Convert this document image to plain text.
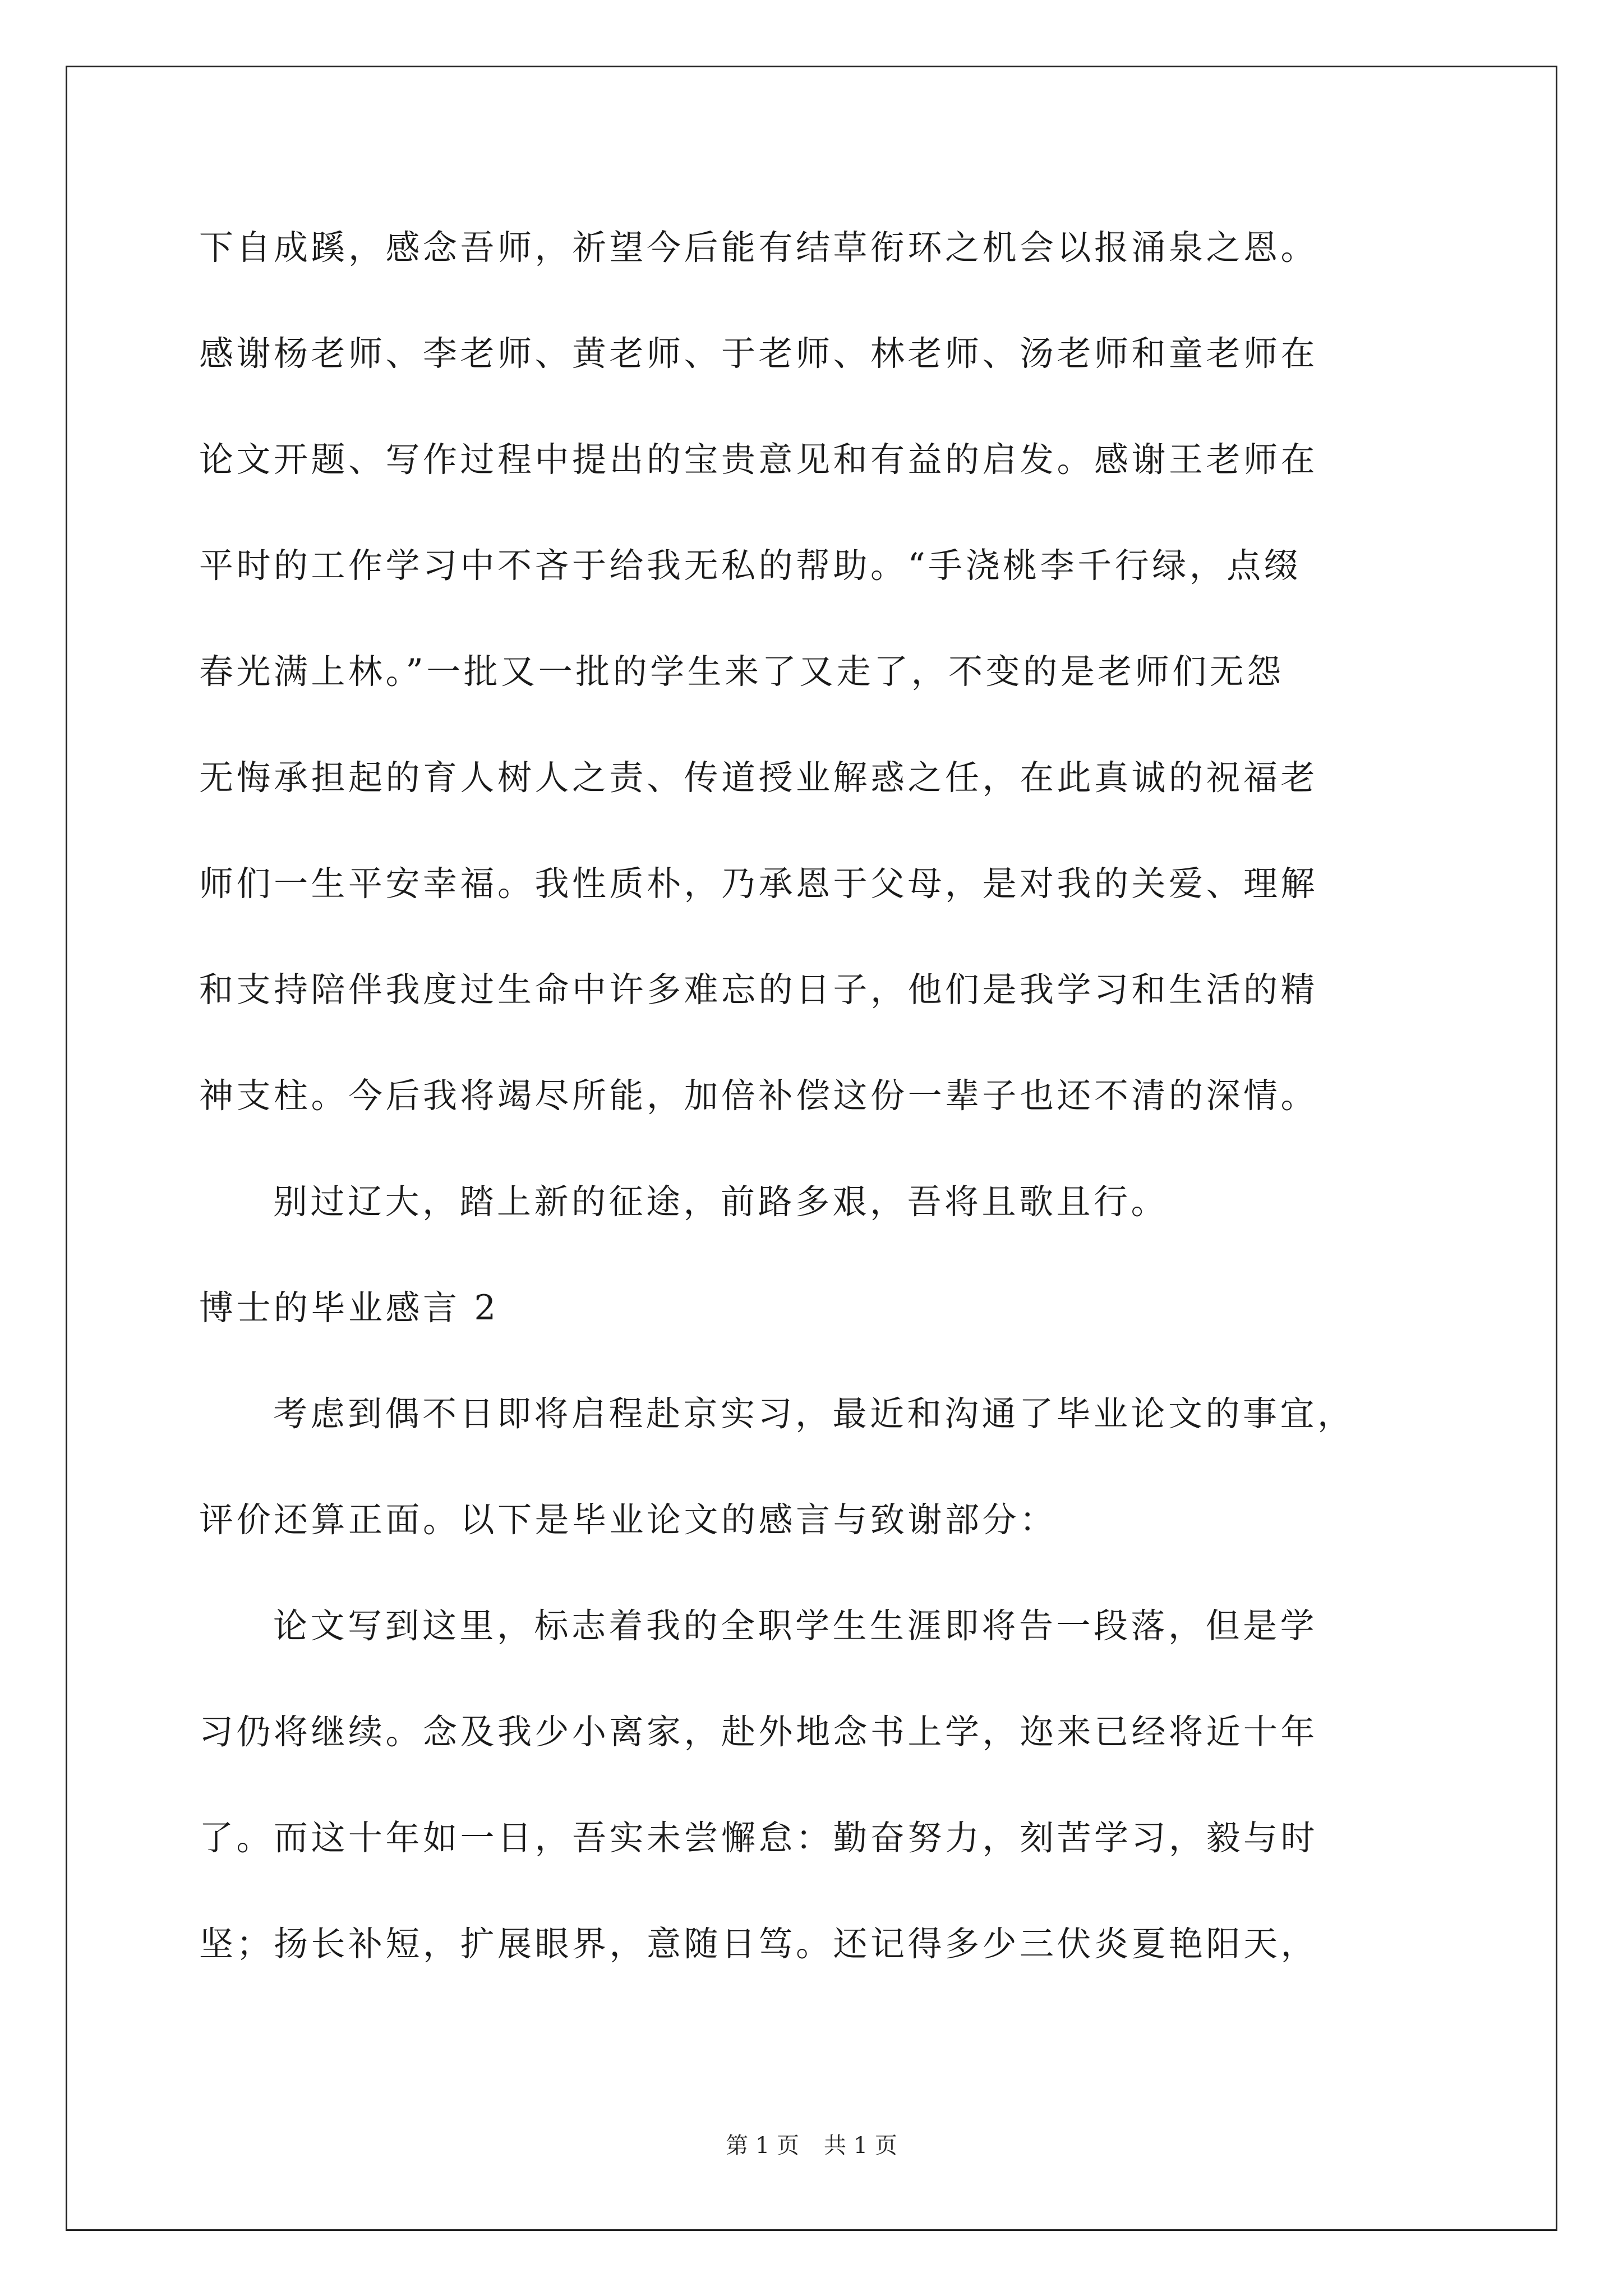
下自成蹊，感念吾师，祈望今后能有结草衔环之机会以报涌泉之恩。

感谢杨老师、李老师、黄老师、于老师、林老师、汤老师和童老师在

论文开题、写作过程中提出的宝贵意见和有益的启发。感谢王老师在

平时的工作学习中不吝于给我无私的帮助。“手浇桃李千行绿，点缀

春光满上林。”一批又一批的学生来了又走了，不变的是老师们无怨

无悔承担起的育人树人之责、传道授业解惑之任，在此真诚的祝福老

师们一生平安幸福。我性质朴，乃承恩于父母，是对我的关爱、理解

和支持陪伴我度过生命中许多难忘的日子，他们是我学习和生活的精

神支柱。今后我将竭尽所能，加倍补偿这份一辈子也还不清的深情。

别过辽大，踏上新的征途，前路多艰，吾将且歌且行。

博士的毕业感言 2

考虑到偶不日即将启程赴京实习，最近和沟通了毕业论文的事宜，

评价还算正面。以下是毕业论文的感言与致谢部分：

论文写到这里，标志着我的全职学生生涯即将告一段落，但是学

习仍将继续。念及我少小离家，赴外地念书上学，迩来已经将近十年

了。而这十年如一日，吾实未尝懈怠：勤奋努力，刻苦学习，毅与时

坚；扬长补短，扩展眼界，意随日笃。还记得多少三伏炎夏艳阳天，

第 1 页 共 1 页
